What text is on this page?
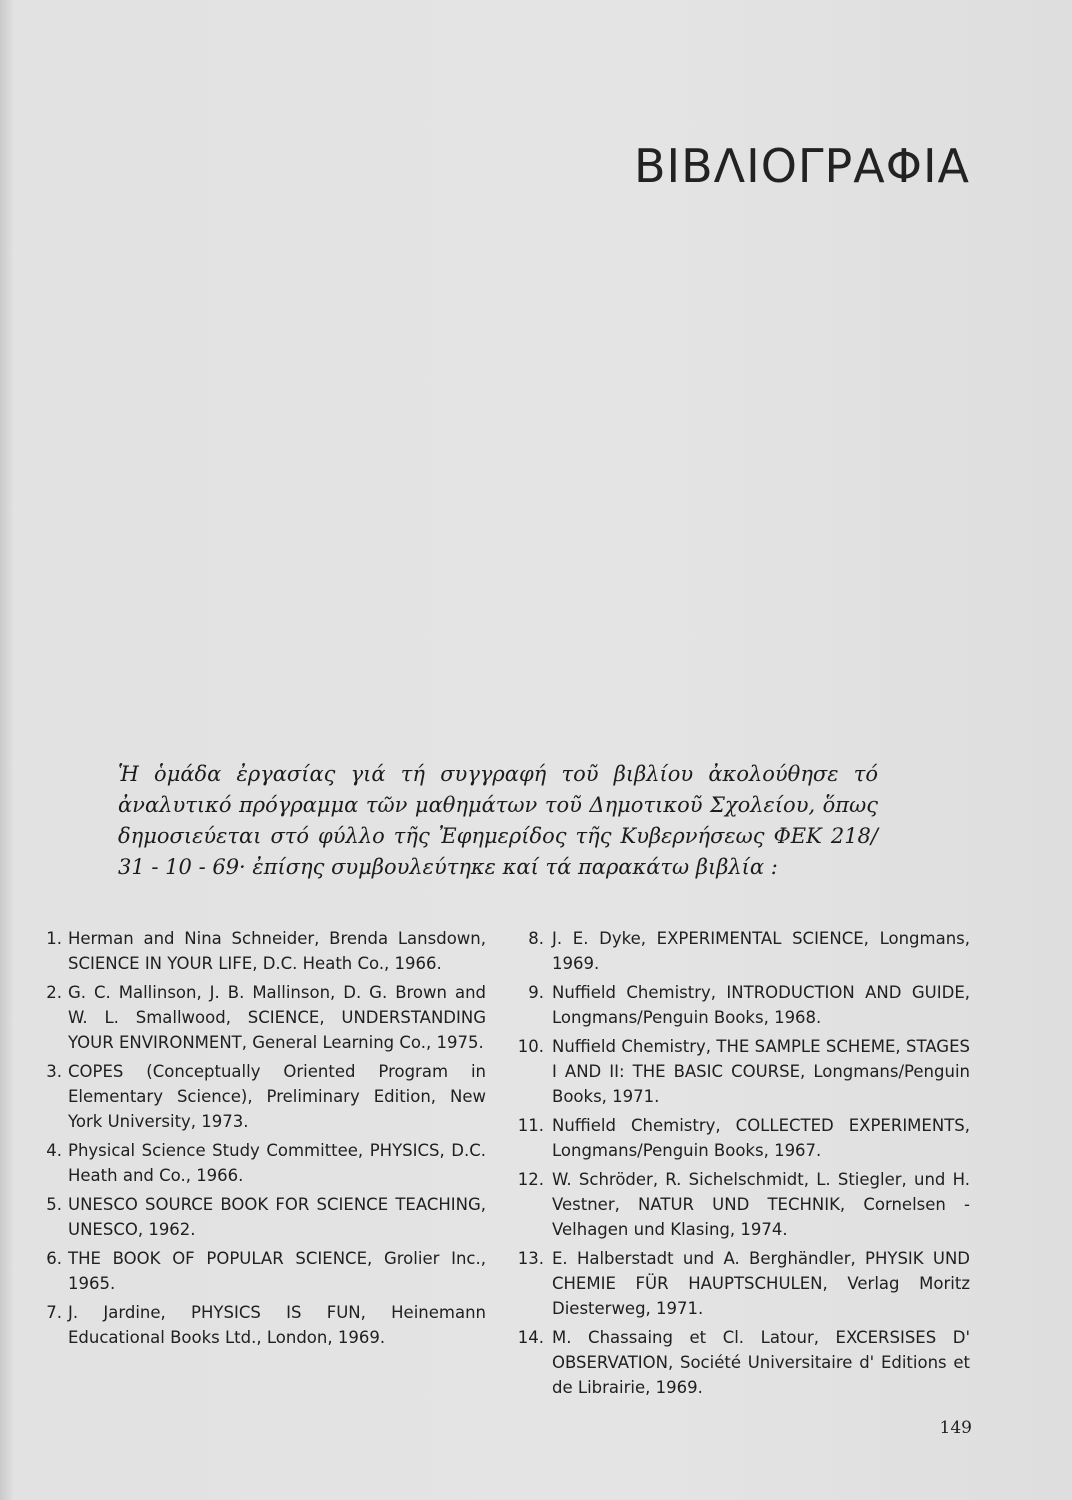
ΒΙΒΛΙΟΓΡΑΦΙΑ

Ἡ ὁμάδα ἐργασίας γιά τή συγγραφή τοῦ βιβλίου ἀκολούθησε τό ἀναλυτικό πρόγραμμα τῶν μαθημάτων τοῦ Δημοτικοῦ Σχολείου, ὅπως δημοσιεύεται στό φύλλο τῆς Ἐφημερίδος τῆς Κυβερνήσεως ΦΕΚ 218/ 31 - 10 - 69· ἐπίσης συμβουλεύτηκε καί τά παρακάτω βιβλία :

1. Herman and Nina Schneider, Brenda Lansdown, SCIENCE IN YOUR LIFE, D.C. Heath Co., 1966.
2. G. C. Mallinson, J. B. Mallinson, D. G. Brown and W. L. Smallwood, SCIENCE, UNDERSTANDING YOUR ENVIRONMENT, General Learning Co., 1975.
3. COPES (Conceptually Oriented Program in Elementary Science), Preliminary Edition, New York University, 1973.
4. Physical Science Study Committee, PHYSICS, D.C. Heath and Co., 1966.
5. UNESCO SOURCE BOOK FOR SCIENCE TEACHING, UNESCO, 1962.
6. THE BOOK OF POPULAR SCIENCE, Grolier Inc., 1965.
7. J. Jardine, PHYSICS IS FUN, Heinemann Educational Books Ltd., London, 1969.
8. J. E. Dyke, EXPERIMENTAL SCIENCE, Longmans, 1969.
9. Nuffield Chemistry, INTRODUCTION AND GUIDE, Longmans/Penguin Books, 1968.
10. Nuffield Chemistry, THE SAMPLE SCHEME, STAGES I AND II: THE BASIC COURSE, Longmans/Penguin Books, 1971.
11. Nuffield Chemistry, COLLECTED EXPERIMENTS, Longmans/Penguin Books, 1967.
12. W. Schröder, R. Sichelschmidt, L. Stiegler, und H. Vestner, NATUR UND TECHNIK, Cornelsen - Velhagen und Klasing, 1974.
13. E. Halberstadt und A. Berghändler, PHYSIK UND CHEMIE FÜR HAUPTSCHULEN, Verlag Moritz Diesterweg, 1971.
14. M. Chassaing et Cl. Latour, EXCERSISES D' OBSERVATION, Société Universitaire d' Editions et de Librairie, 1969.
149
